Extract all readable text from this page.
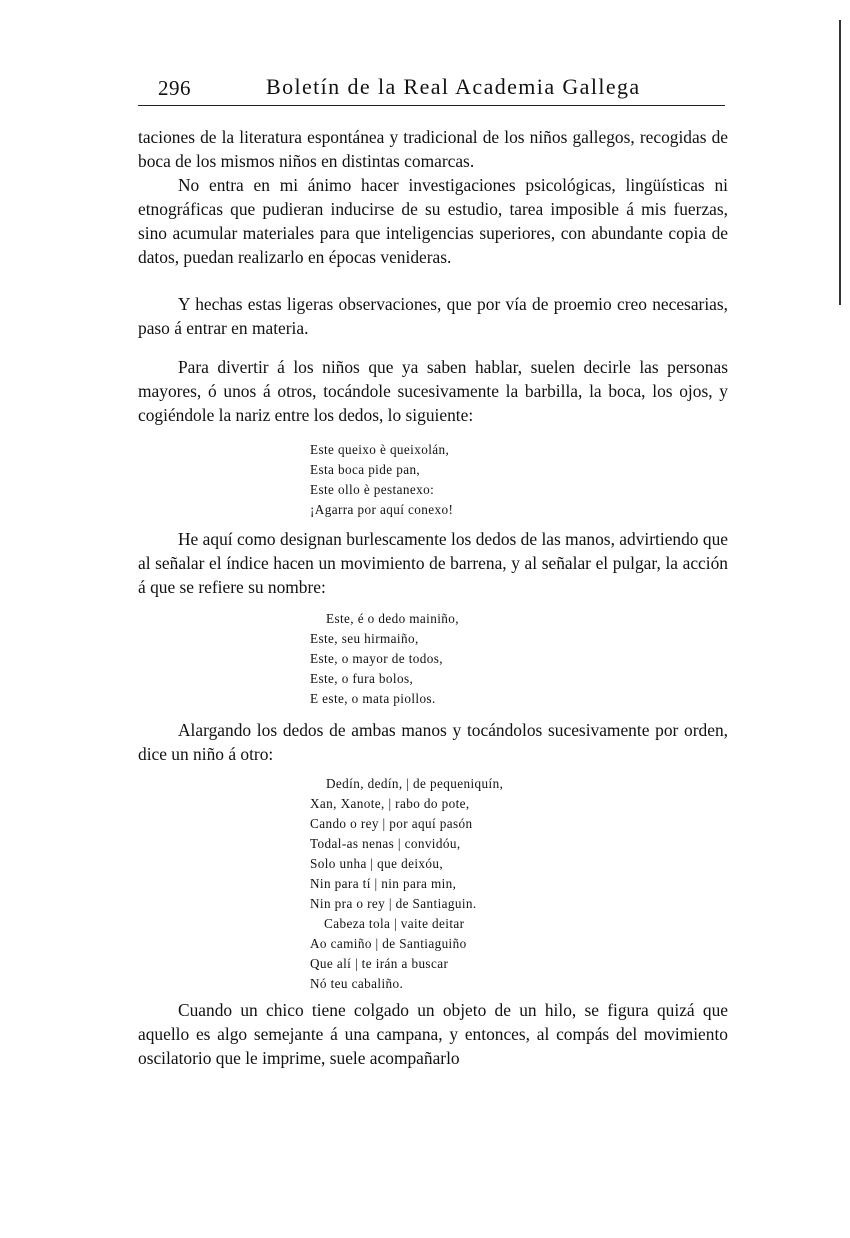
296	Boletín de la Real Academia Gallega
taciones de la literatura espontánea y tradicional de los niños gallegos, recogidas de boca de los mismos niños en distintas comarcas.
No entra en mi ánimo hacer investigaciones psicológicas, lingüísticas ni etnográficas que pudieran inducirse de su estudio, tarea imposible á mis fuerzas, sino acumular materiales para que inteligencias superiores, con abundante copia de datos, puedan realizarlo en épocas venideras.
Y hechas estas ligeras observaciones, que por vía de proemio creo necesarias, paso á entrar en materia.
Para divertir á los niños que ya saben hablar, suelen decirle las personas mayores, ó unos á otros, tocándole sucesivamente la barbilla, la boca, los ojos, y cogiéndole la nariz entre los dedos, lo siguiente:
Este queixo è queixolán,
Esta boca pide pan,
Este ollo è pestanexo:
¡Agarra por aquí conexo!
He aquí como designan burlescamente los dedos de las manos, advirtiendo que al señalar el índice hacen un movimiento de barrena, y al señalar el pulgar, la acción á que se refiere su nombre:
Este, é o dedo mainiño,
Este, seu hirmaiño,
Este, o mayor de todos,
Este, o fura bolos,
E este, o mata piollos.
Alargando los dedos de ambas manos y tocándolos sucesivamente por orden, dice un niño á otro:
Dedín, dedín, | de pequeniquín,
Xan, Xanote, | rabo do pote,
Cando o rey | por aquí pasón
Todal-as nenas | convidóu,
Solo unha | que deixóu,
Nin para tí | nin para min,
Nin pra o rey | de Santiaguin.
Cabeza tola | vaite deitar
Ao camiño | de Santiaguiño
Que alí | te irán a buscar
Nó teu cabaliño.
Cuando un chico tiene colgado un objeto de un hilo, se figura quizá que aquello es algo semejante á una campana, y entonces, al compás del movimiento oscilatorio que le imprime, suele acompañarlo
